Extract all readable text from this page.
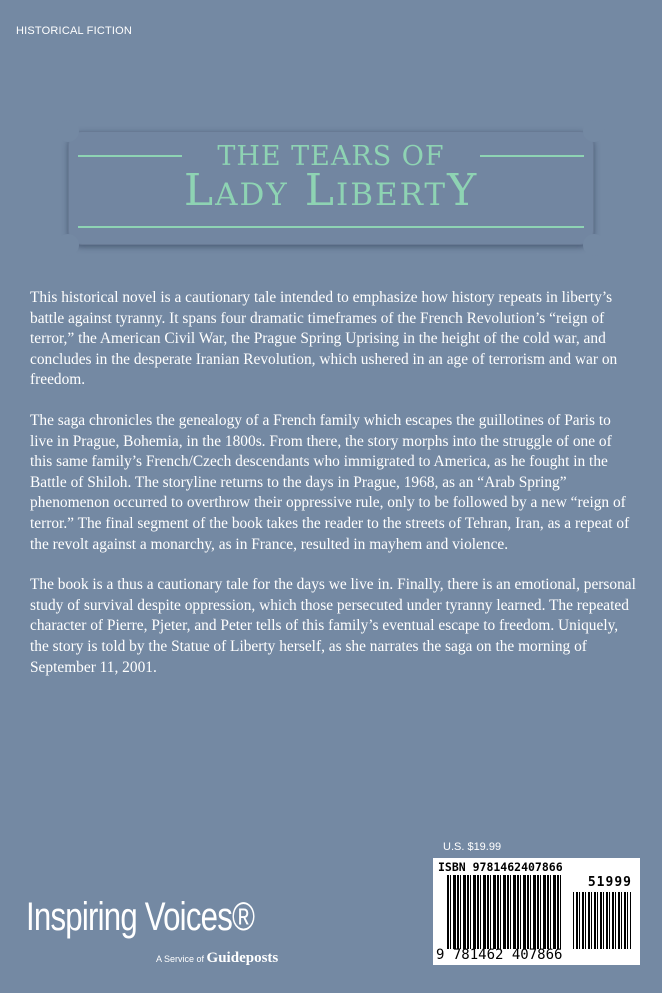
HISTORICAL FICTION
THE TEARS OF
Lady LibertY

This historical novel is a cautionary tale intended to emphasize how history repeats in liberty’s battle against tyranny. It spans four dramatic timeframes of the French Revolution’s “reign of terror,” the American Civil War, the Prague Spring Uprising in the height of the cold war, and concludes in the desperate Iranian Revolution, which ushered in an age of terrorism and war on freedom.

The saga chronicles the genealogy of a French family which escapes the guillotines of Paris to live in Prague, Bohemia, in the 1800s. From there, the story morphs into the struggle of one of this same family’s French/Czech descendants who immigrated to America, as he fought in the Battle of Shiloh. The storyline returns to the days in Prague, 1968, as an “Arab Spring” phenomenon occurred to overthrow their oppressive rule, only to be followed by a new “reign of terror.” The final segment of the book takes the reader to the streets of Tehran, Iran, as a repeat of the revolt against a monarchy, as in France, resulted in mayhem and violence.

The book is a thus a cautionary tale for the days we live in. Finally, there is an emotional, personal study of survival despite oppression, which those persecuted under tyranny learned. The repeated character of Pierre, Pjeter, and Peter tells of this family’s eventual escape to freedom. Uniquely, the story is told by the Statue of Liberty herself, as she narrates the saga on the morning of September 11, 2001.

U.S. $19.99
ISBN 9781462407866
51999
9 781462 407866
Inspiring Voices®
A Service of Guideposts
